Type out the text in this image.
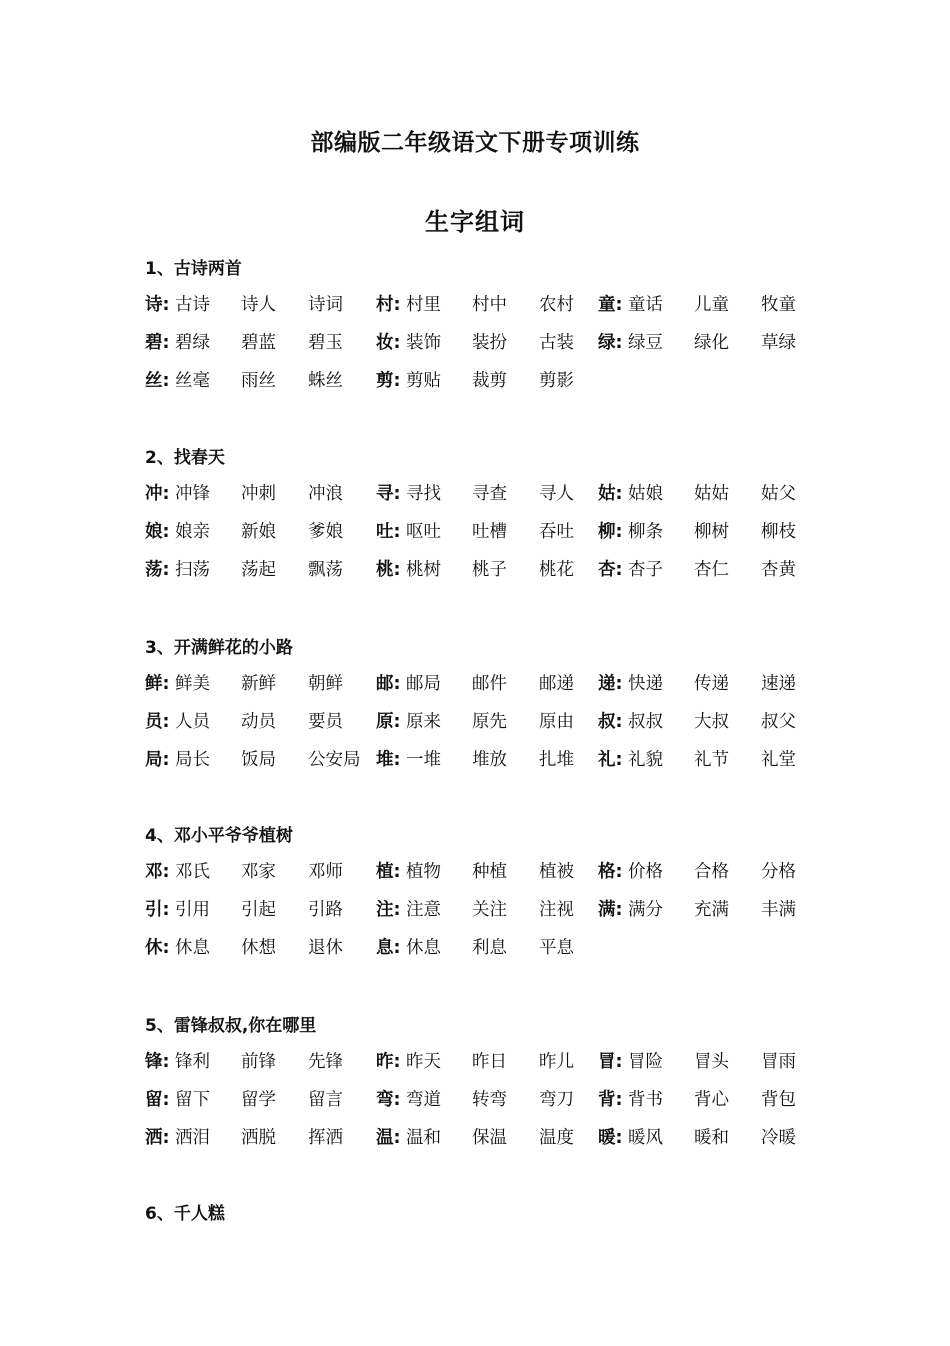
部编版二年级语文下册专项训练
生字组词
1、古诗两首
诗: 古诗 诗人 诗词 村: 村里 村中 农村 童: 童话 儿童 牧童
碧: 碧绿 碧蓝 碧玉 妆: 装饰 装扮 古装 绿: 绿豆 绿化 草绿
丝: 丝毫 雨丝 蛛丝 剪: 剪贴 裁剪 剪影
2、找春天
冲: 冲锋 冲刺 冲浪 寻: 寻找 寻查 寻人 姑: 姑娘 姑姑 姑父
娘: 娘亲 新娘 爹娘 吐: 呕吐 吐槽 吞吐 柳: 柳条 柳树 柳枝
荡: 扫荡 荡起 飘荡 桃: 桃树 桃子 桃花 杏: 杏子 杏仁 杏黄
3、开满鲜花的小路
鲜: 鲜美 新鲜 朝鲜 邮: 邮局 邮件 邮递 递: 快递 传递 速递
员: 人员 动员 要员 原: 原来 原先 原由 叔: 叔叔 大叔 叔父
局: 局长 饭局 公安局 堆: 一堆 堆放 扎堆 礼: 礼貌 礼节 礼堂
4、邓小平爷爷植树
邓: 邓氏 邓家 邓师 植: 植物 种植 植被 格: 价格 合格 分格
引: 引用 引起 引路 注: 注意 关注 注视 满: 满分 充满 丰满
休: 休息 休想 退休 息: 休息 利息 平息
5、雷锋叔叔,你在哪里
锋: 锋利 前锋 先锋 昨: 昨天 昨日 昨儿 冒: 冒险 冒头 冒雨
留: 留下 留学 留言 弯: 弯道 转弯 弯刀 背: 背书 背心 背包
洒: 洒泪 洒脱 挥洒 温: 温和 保温 温度 暖: 暖风 暖和 冷暖
6、千人糕
